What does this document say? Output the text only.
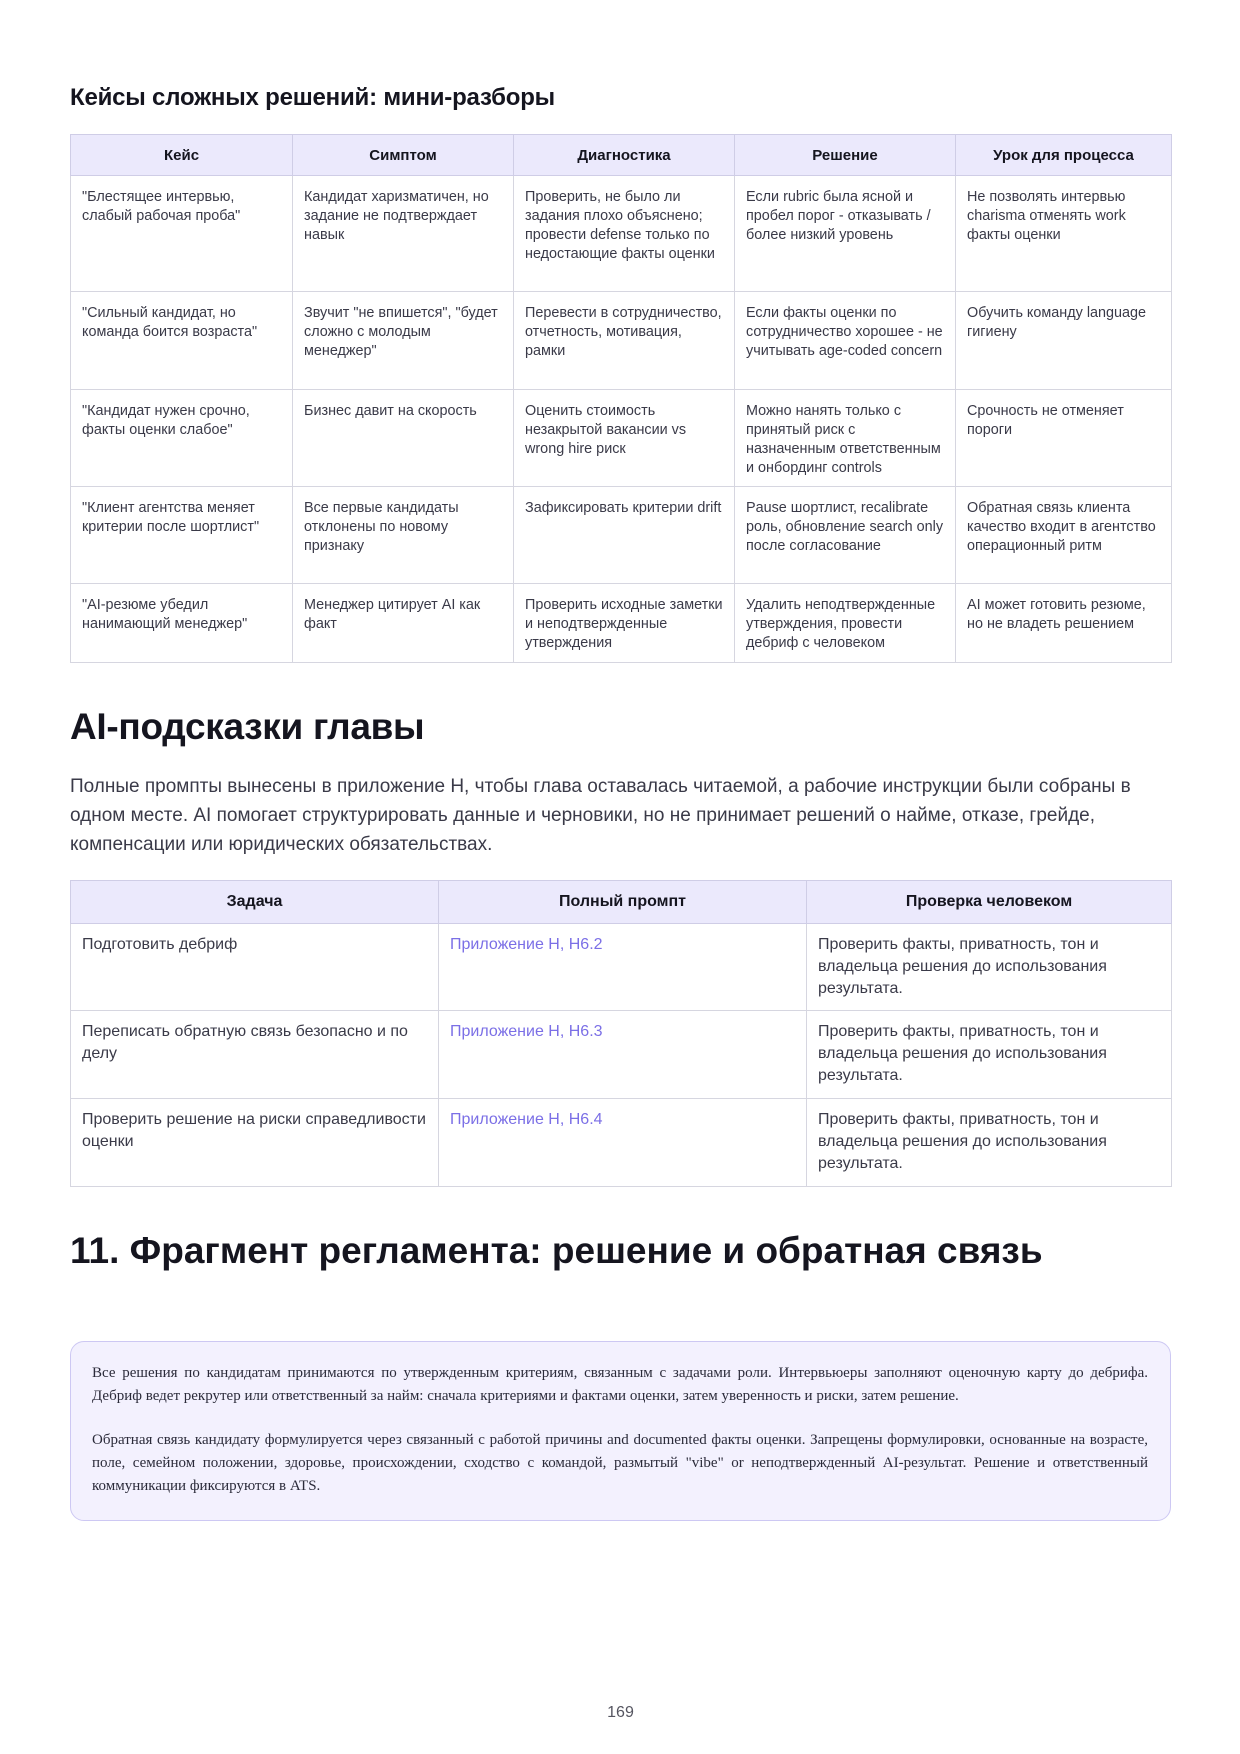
Кейсы сложных решений: мини-разборы
Кейс	Симптом	Диагностика	Решение	Урок для процесса
"Блестящее интервью, слабый рабочая проба"	Кандидат харизматичен, но задание не подтверждает навык	Проверить, не было ли задания плохо объяснено; провести defense только по недостающие факты оценки	Если rubric была ясной и пробел порог - отказывать / более низкий уровень	Не позволять интервью charisma отменять work факты оценки
"Сильный кандидат, но команда боится возраста"	Звучит "не впишется", "будет сложно с молодым менеджер"	Перевести в сотрудничество, отчетность, мотивация, рамки	Если факты оценки по сотрудничество хорошее - не учитывать age-coded concern	Обучить команду language гигиену
"Кандидат нужен срочно, факты оценки слабое"	Бизнес давит на скорость	Оценить стоимость незакрытой вакансии vs wrong hire риск	Можно нанять только с принятый риск с назначенным ответственным и онбординг controls	Срочность не отменяет пороги
"Клиент агентства меняет критерии после шортлист"	Все первые кандидаты отклонены по новому признаку	Зафиксировать критерии drift	Pause шортлист, recalibrate роль, обновление search only после согласование	Обратная связь клиента качество входит в агентство операционный ритм
"AI-резюме убедил нанимающий менеджер"	Менеджер цитирует AI как факт	Проверить исходные заметки и неподтвержденные утверждения	Удалить неподтвержденные утверждения, провести дебриф с человеком	AI может готовить резюме, но не владеть решением
AI-подсказки главы

Полные промпты вынесены в приложение H, чтобы глава оставалась читаемой, а рабочие инструкции были собраны в одном месте. AI помогает структурировать данные и черновики, но не принимает решений о найме, отказе, грейде, компенсации или юридических обязательствах.

Задача	Полный промпт	Проверка человеком
Подготовить дебриф	Приложение H, H6.2	Проверить факты, приватность, тон и владельца решения до использования результата.
Переписать обратную связь безопасно и по делу	Приложение H, H6.3	Проверить факты, приватность, тон и владельца решения до использования результата.
Проверить решение на риски справедливости оценки	Приложение H, H6.4	Проверить факты, приватность, тон и владельца решения до использования результата.
11. Фрагмент регламента: решение и обратная связь

Все решения по кандидатам принимаются по утвержденным критериям, связанным с задачами роли. Интервьюеры заполняют оценочную карту до дебрифа. Дебриф ведет рекрутер или ответственный за найм: сначала критериями и фактами оценки, затем уверенность и риски, затем решение.

Обратная связь кандидату формулируется через связанный с работой причины and documented факты оценки. Запрещены формулировки, основанные на возрасте, поле, семейном положении, здоровье, происхождении, сходство с командой, размытый "vibe" or неподтвержденный AI-результат. Решение и ответственный коммуникации фиксируются в ATS.

169
